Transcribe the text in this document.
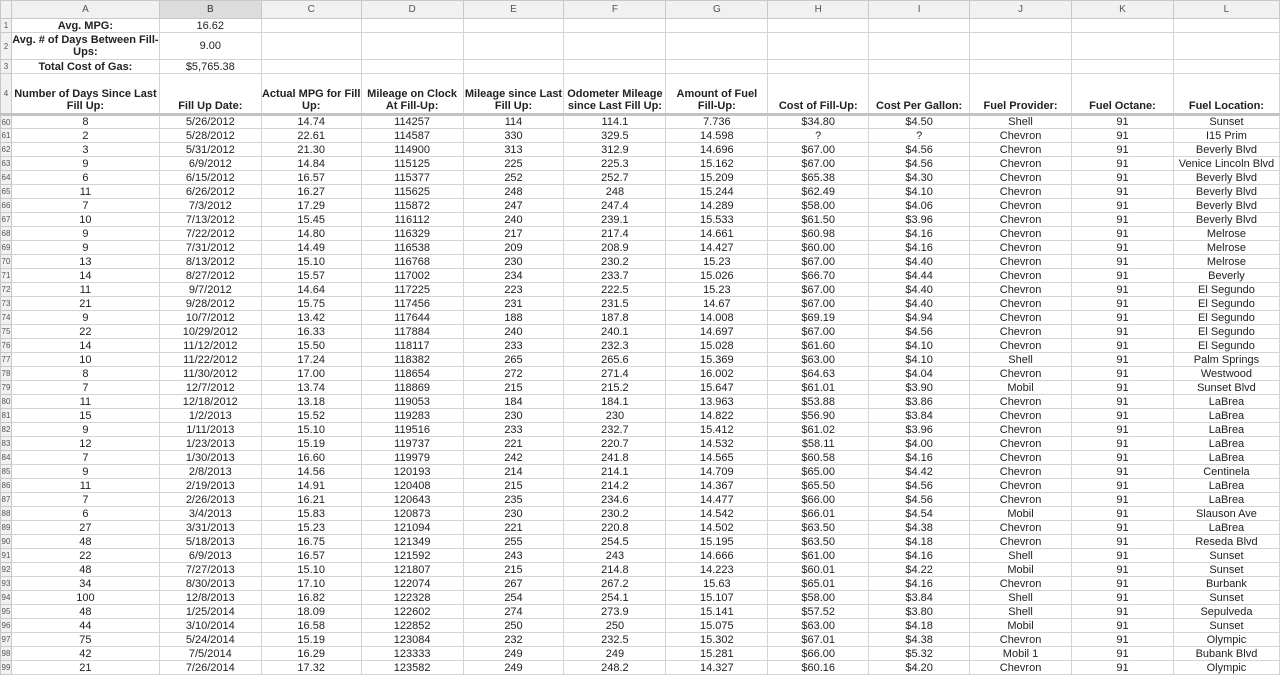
	A	B	C	D	E	F	G	H	I	J	K	L
1	Avg. MPG:	16.62										
2	Avg. # of Days Between Fill-Ups:	9.00										
3	Total Cost of Gas:	$5,765.38										
4	Number of Days Since Last Fill Up:	Fill Up Date:	Actual MPG for Fill Up:	Mileage on Clock At Fill-Up:	Mileage since Last Fill Up:	Odometer Mileage since Last Fill Up:	Amount of Fuel Fill-Up:	Cost of Fill-Up:	Cost Per Gallon:	Fuel Provider:	Fuel Octane:	Fuel Location:
60	8	5/26/2012	14.74	114257	114	114.1	7.736	$34.80	$4.50	Shell	91	Sunset
61	2	5/28/2012	22.61	114587	330	329.5	14.598	?	?	Chevron	91	I15 Prim
62	3	5/31/2012	21.30	114900	313	312.9	14.696	$67.00	$4.56	Chevron	91	Beverly Blvd
63	9	6/9/2012	14.84	115125	225	225.3	15.162	$67.00	$4.56	Chevron	91	Venice Lincoln Blvd
64	6	6/15/2012	16.57	115377	252	252.7	15.209	$65.38	$4.30	Chevron	91	Beverly Blvd
65	11	6/26/2012	16.27	115625	248	248	15.244	$62.49	$4.10	Chevron	91	Beverly Blvd
66	7	7/3/2012	17.29	115872	247	247.4	14.289	$58.00	$4.06	Chevron	91	Beverly Blvd
67	10	7/13/2012	15.45	116112	240	239.1	15.533	$61.50	$3.96	Chevron	91	Beverly Blvd
68	9	7/22/2012	14.80	116329	217	217.4	14.661	$60.98	$4.16	Chevron	91	Melrose
69	9	7/31/2012	14.49	116538	209	208.9	14.427	$60.00	$4.16	Chevron	91	Melrose
70	13	8/13/2012	15.10	116768	230	230.2	15.23	$67.00	$4.40	Chevron	91	Melrose
71	14	8/27/2012	15.57	117002	234	233.7	15.026	$66.70	$4.44	Chevron	91	Beverly
72	11	9/7/2012	14.64	117225	223	222.5	15.23	$67.00	$4.40	Chevron	91	El Segundo
73	21	9/28/2012	15.75	117456	231	231.5	14.67	$67.00	$4.40	Chevron	91	El Segundo
74	9	10/7/2012	13.42	117644	188	187.8	14.008	$69.19	$4.94	Chevron	91	El Segundo
75	22	10/29/2012	16.33	117884	240	240.1	14.697	$67.00	$4.56	Chevron	91	El Segundo
76	14	11/12/2012	15.50	118117	233	232.3	15.028	$61.60	$4.10	Chevron	91	El Segundo
77	10	11/22/2012	17.24	118382	265	265.6	15.369	$63.00	$4.10	Shell	91	Palm Springs
78	8	11/30/2012	17.00	118654	272	271.4	16.002	$64.63	$4.04	Chevron	91	Westwood
79	7	12/7/2012	13.74	118869	215	215.2	15.647	$61.01	$3.90	Mobil	91	Sunset Blvd
80	11	12/18/2012	13.18	119053	184	184.1	13.963	$53.88	$3.86	Chevron	91	LaBrea
81	15	1/2/2013	15.52	119283	230	230	14.822	$56.90	$3.84	Chevron	91	LaBrea
82	9	1/11/2013	15.10	119516	233	232.7	15.412	$61.02	$3.96	Chevron	91	LaBrea
83	12	1/23/2013	15.19	119737	221	220.7	14.532	$58.11	$4.00	Chevron	91	LaBrea
84	7	1/30/2013	16.60	119979	242	241.8	14.565	$60.58	$4.16	Chevron	91	LaBrea
85	9	2/8/2013	14.56	120193	214	214.1	14.709	$65.00	$4.42	Chevron	91	Centinela
86	11	2/19/2013	14.91	120408	215	214.2	14.367	$65.50	$4.56	Chevron	91	LaBrea
87	7	2/26/2013	16.21	120643	235	234.6	14.477	$66.00	$4.56	Chevron	91	LaBrea
88	6	3/4/2013	15.83	120873	230	230.2	14.542	$66.01	$4.54	Mobil	91	Slauson Ave
89	27	3/31/2013	15.23	121094	221	220.8	14.502	$63.50	$4.38	Chevron	91	LaBrea
90	48	5/18/2013	16.75	121349	255	254.5	15.195	$63.50	$4.18	Chevron	91	Reseda Blvd
91	22	6/9/2013	16.57	121592	243	243	14.666	$61.00	$4.16	Shell	91	Sunset
92	48	7/27/2013	15.10	121807	215	214.8	14.223	$60.01	$4.22	Mobil	91	Sunset
93	34	8/30/2013	17.10	122074	267	267.2	15.63	$65.01	$4.16	Chevron	91	Burbank
94	100	12/8/2013	16.82	122328	254	254.1	15.107	$58.00	$3.84	Shell	91	Sunset
95	48	1/25/2014	18.09	122602	274	273.9	15.141	$57.52	$3.80	Shell	91	Sepulveda
96	44	3/10/2014	16.58	122852	250	250	15.075	$63.00	$4.18	Mobil	91	Sunset
97	75	5/24/2014	15.19	123084	232	232.5	15.302	$67.01	$4.38	Chevron	91	Olympic
98	42	7/5/2014	16.29	123333	249	249	15.281	$66.00	$5.32	Mobil 1	91	Bubank Blvd
99	21	7/26/2014	17.32	123582	249	248.2	14.327	$60.16	$4.20	Chevron	91	Olympic
